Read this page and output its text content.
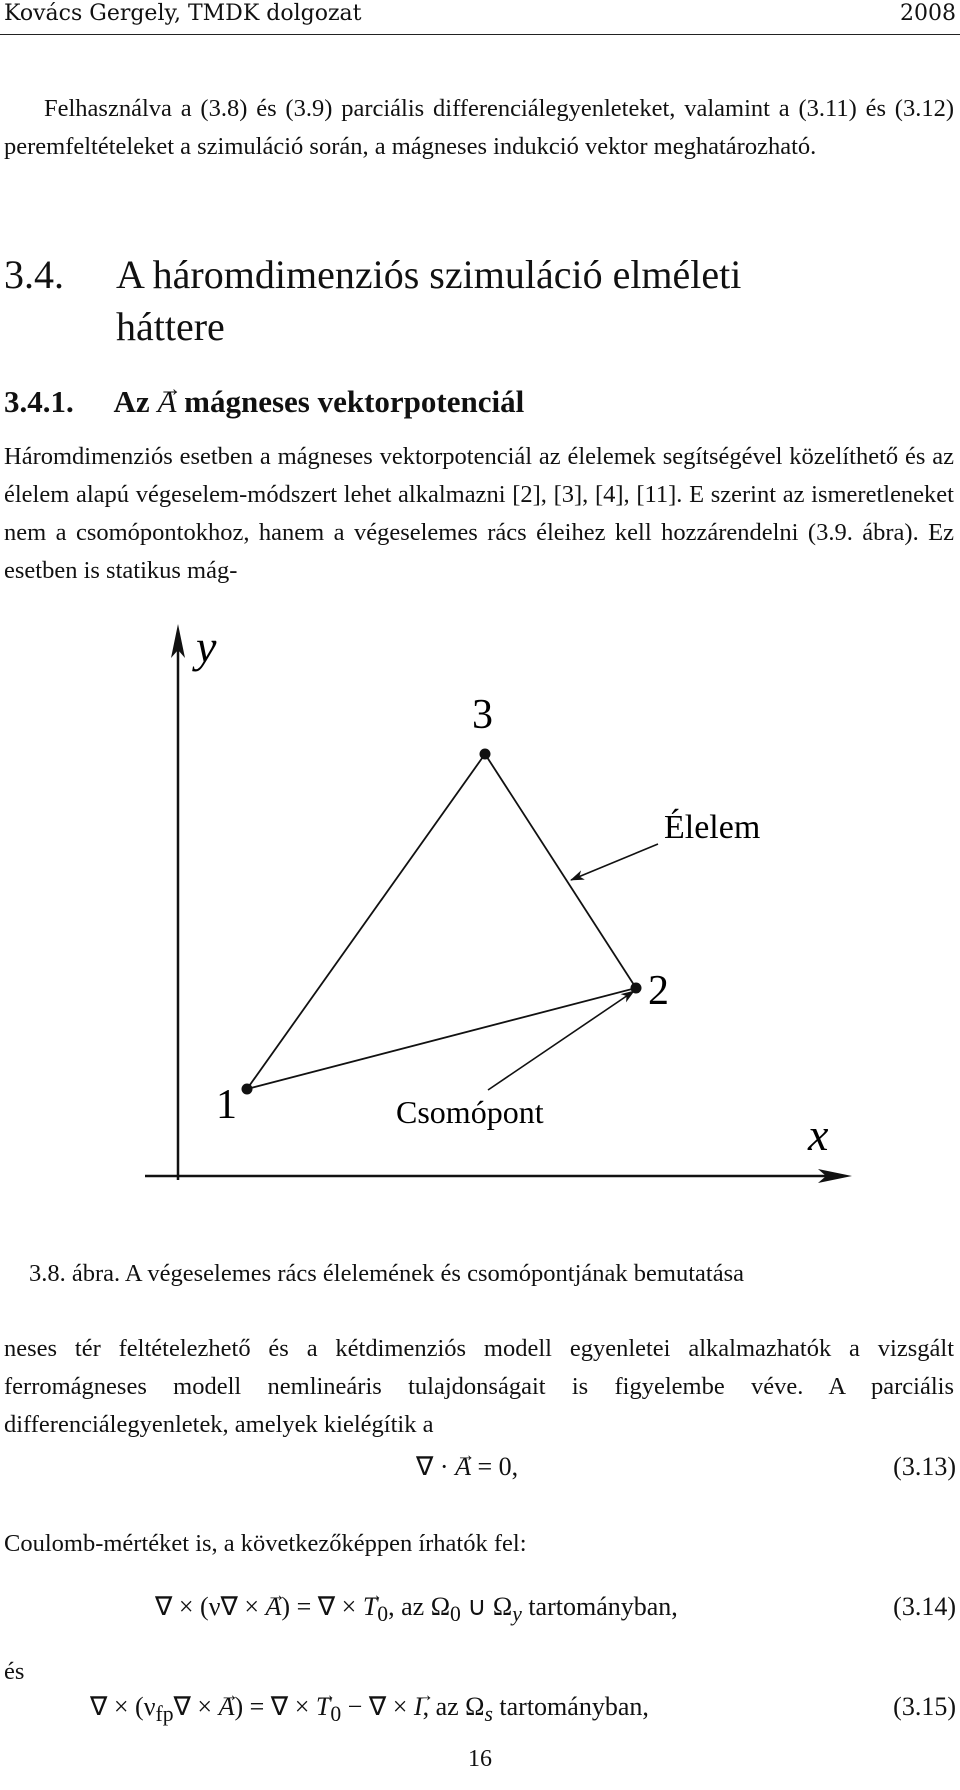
Kovács Gergely, TMDK dolgozat	2008
Felhasználva a (3.8) és (3.9) parciális differenciálegyenleteket, valamint a (3.11) és (3.12) peremfeltételeket a szimuláció során, a mágneses indukció vektor meghatározható.
3.4. A háromdimenziós szimuláció elméleti
háttere
3.4.1. Az → A mágneses vektorpotenciál
Háromdimenziós esetben a mágneses vektorpotenciál az élelemek segítségével közelíthető és az élelem alapú végeselem-módszert lehet alkalmazni [2], [3], [4], [11]. E szerint az ismeretleneket nem a csomópontokhoz, hanem a végeselemes rács éleihez kell hozzárendelni (3.9. ábra). Ez esetben is statikus mág-
y
x
1
2
3
Élelem
Csomópont
3.8. ábra. A végeselemes rács élelemének és csomópontjának bemutatása
neses tér feltételezhető és a kétdimenziós modell egyenletei alkalmazhatók a vizsgált ferromágneses modell nemlineáris tulajdonságait is figyelembe véve. A parciális differenciálegyenletek, amelyek kielégítik a
∇ · → A = 0,	(3.13)
Coulomb-mértéket is, a következőképpen írhatók fel:
∇ × (ν∇ × → A) = ∇ × → $T_0$, az $\Omega_0$ ∪ $\Omega_y$ tartományban,	(3.14)
és
∇ × ($\nu_{fp}\nabla$ × → A) = ∇ × → $T_0$ − ∇ × → I, az $\Omega_s$ tartományban,	(3.15)
16
